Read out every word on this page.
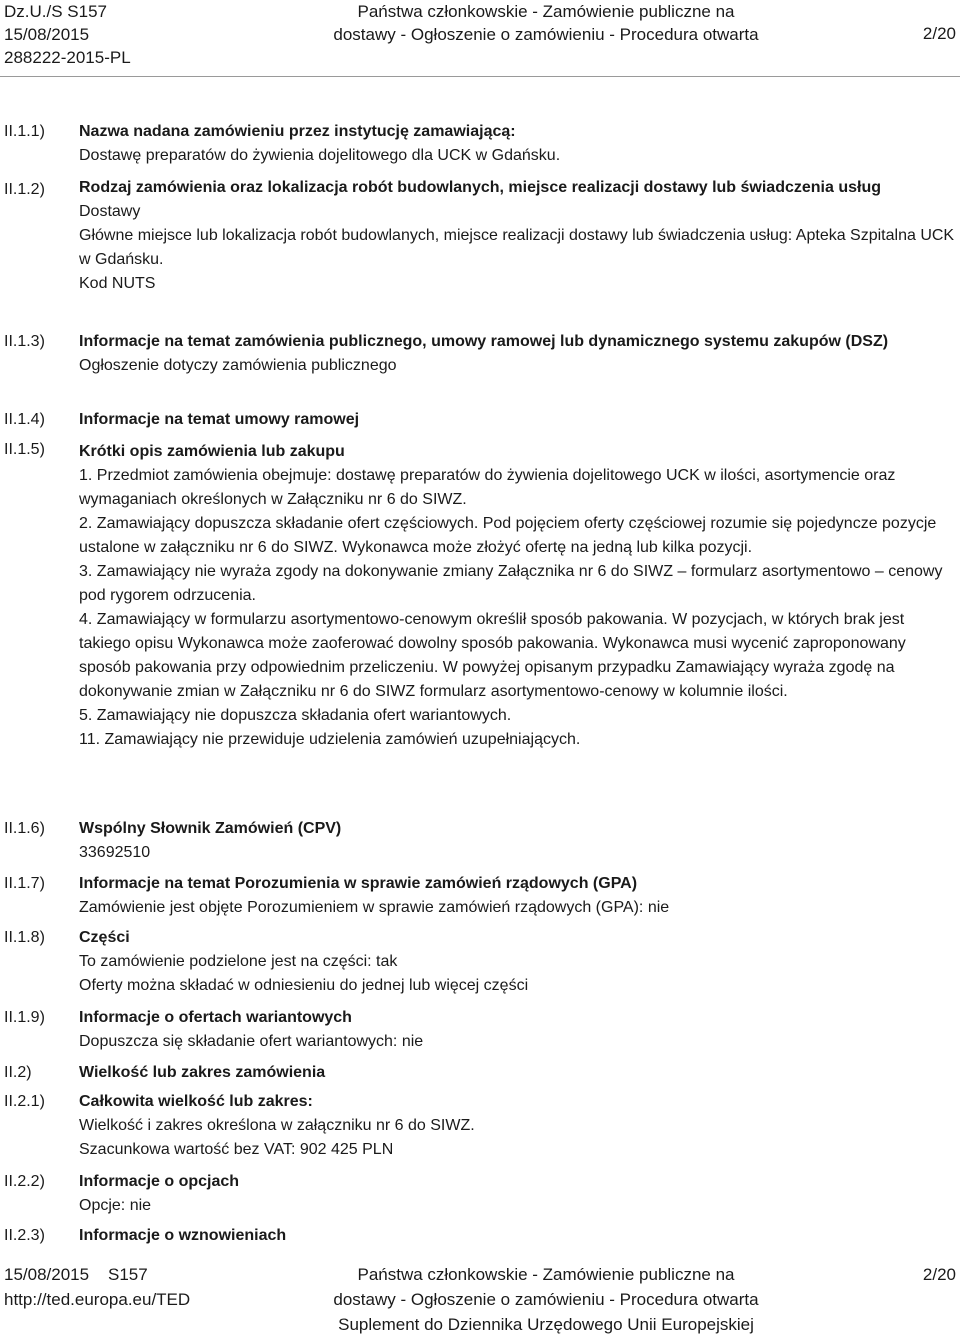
Dz.U./S S157
15/08/2015
288222-2015-PL
Państwa członkowskie - Zamówienie publiczne na
dostawy - Ogłoszenie o zamówieniu - Procedura otwarta	2/20
II.1.1)
II.1.2)
II.1.3)
II.1.4)
II.1.5)
II.1.6)
II.1.7)
II.1.8)
II.1.9)
II.2)
II.2.1)
II.2.2)
II.2.3)
Nazwa nadana zamówieniu przez instytucję zamawiającą:
Dostawę preparatów do żywienia dojelitowego dla UCK w Gdańsku.
Rodzaj zamówienia oraz lokalizacja robót budowlanych, miejsce realizacji dostawy lub świadczenia usług
Dostawy
Główne miejsce lub lokalizacja robót budowlanych, miejsce realizacji dostawy lub świadczenia usług: Apteka Szpitalna UCK w Gdańsku.
Kod NUTS
Informacje na temat zamówienia publicznego, umowy ramowej lub dynamicznego systemu zakupów (DSZ)
Ogłoszenie dotyczy zamówienia publicznego
Informacje na temat umowy ramowej
Krótki opis zamówienia lub zakupu
1. Przedmiot zamówienia obejmuje: dostawę preparatów do żywienia dojelitowego UCK w ilości, asortymencie oraz wymaganiach określonych w Załączniku nr 6 do SIWZ.
2. Zamawiający dopuszcza składanie ofert częściowych. Pod pojęciem oferty częściowej rozumie się pojedyncze pozycje ustalone w załączniku nr 6 do SIWZ. Wykonawca może złożyć ofertę na jedną lub kilka pozycji.
3. Zamawiający nie wyraża zgody na dokonywanie zmiany Załącznika nr 6 do SIWZ – formularz asortymentowo – cenowy pod rygorem odrzucenia.
4. Zamawiający w formularzu asortymentowo-cenowym określił sposób pakowania. W pozycjach, w których brak jest takiego opisu Wykonawca może zaoferować dowolny sposób pakowania. Wykonawca musi wycenić zaproponowany sposób pakowania przy odpowiednim przeliczeniu. W powyżej opisanym przypadku Zamawiający wyraża zgodę na dokonywanie zmian w Załączniku nr 6 do SIWZ formularz asortymentowo-cenowy w kolumnie ilości.
5. Zamawiający nie dopuszcza składania ofert wariantowych.
11. Zamawiający nie przewiduje udzielenia zamówień uzupełniających.
Wspólny Słownik Zamówień (CPV)
33692510
Informacje na temat Porozumienia w sprawie zamówień rządowych (GPA)
Zamówienie jest objęte Porozumieniem w sprawie zamówień rządowych (GPA): nie
Części
To zamówienie podzielone jest na części: tak
Oferty można składać w odniesieniu do jednej lub więcej części
Informacje o ofertach wariantowych
Dopuszcza się składanie ofert wariantowych: nie
Wielkość lub zakres zamówienia
Całkowita wielkość lub zakres:
Wielkość i zakres określona w załączniku nr 6 do SIWZ.
Szacunkowa wartość bez VAT: 902 425 PLN
Informacje o opcjach
Opcje: nie
Informacje o wznowieniach
15/08/2015 S157
http://ted.europa.eu/TED
Państwa członkowskie - Zamówienie publiczne na
dostawy - Ogłoszenie o zamówieniu - Procedura otwarta
Suplement do Dziennika Urzędowego Unii Europejskiej
2/20
